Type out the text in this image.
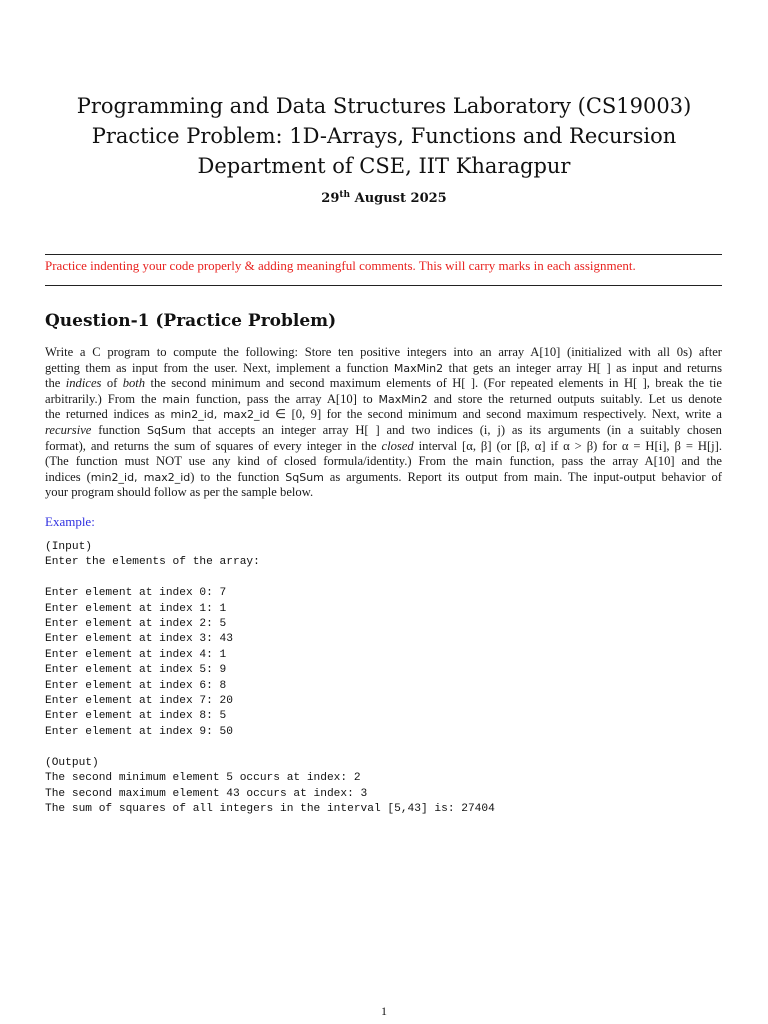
Programming and Data Structures Laboratory (CS19003)
Practice Problem: 1D-Arrays, Functions and Recursion
Department of CSE, IIT Kharagpur
29th August 2025
Practice indenting your code properly & adding meaningful comments. This will carry marks in each assignment.
Question-1 (Practice Problem)
Write a C program to compute the following: Store ten positive integers into an array A[10] (initialized with all 0s) after
getting them as input from the user. Next, implement a function MaxMin2 that gets an integer array H[ ] as input and returns
the indices of both the second minimum and second maximum elements of H[ ]. (For repeated elements in H[ ], break the tie
arbitrarily.) From the main function, pass the array A[10] to MaxMin2 and store the returned outputs suitably. Let us denote
the returned indices as min2_id, max2_id ∈ [0, 9] for the second minimum and second maximum respectively. Next, write a
recursive function SqSum that accepts an integer array H[ ] and two indices (i, j) as its arguments (in a suitably chosen
format), and returns the sum of squares of every integer in the closed interval [α, β] (or [β, α] if α > β) for α = H[i], β = H[j].
(The function must NOT use any kind of closed formula/identity.) From the main function, pass the array A[10] and the
indices (min2_id, max2_id) to the function SqSum as arguments. Report its output from main. The input-output behavior of
your program should follow as per the sample below.
Example:
(Input)
Enter the elements of the array:
Enter element at index 0: 7
Enter element at index 1: 1
Enter element at index 2: 5
Enter element at index 3: 43
Enter element at index 4: 1
Enter element at index 5: 9
Enter element at index 6: 8
Enter element at index 7: 20
Enter element at index 8: 5
Enter element at index 9: 50
(Output)
The second minimum element 5 occurs at index: 2
The second maximum element 43 occurs at index: 3
The sum of squares of all integers in the interval [5,43] is: 27404
1
